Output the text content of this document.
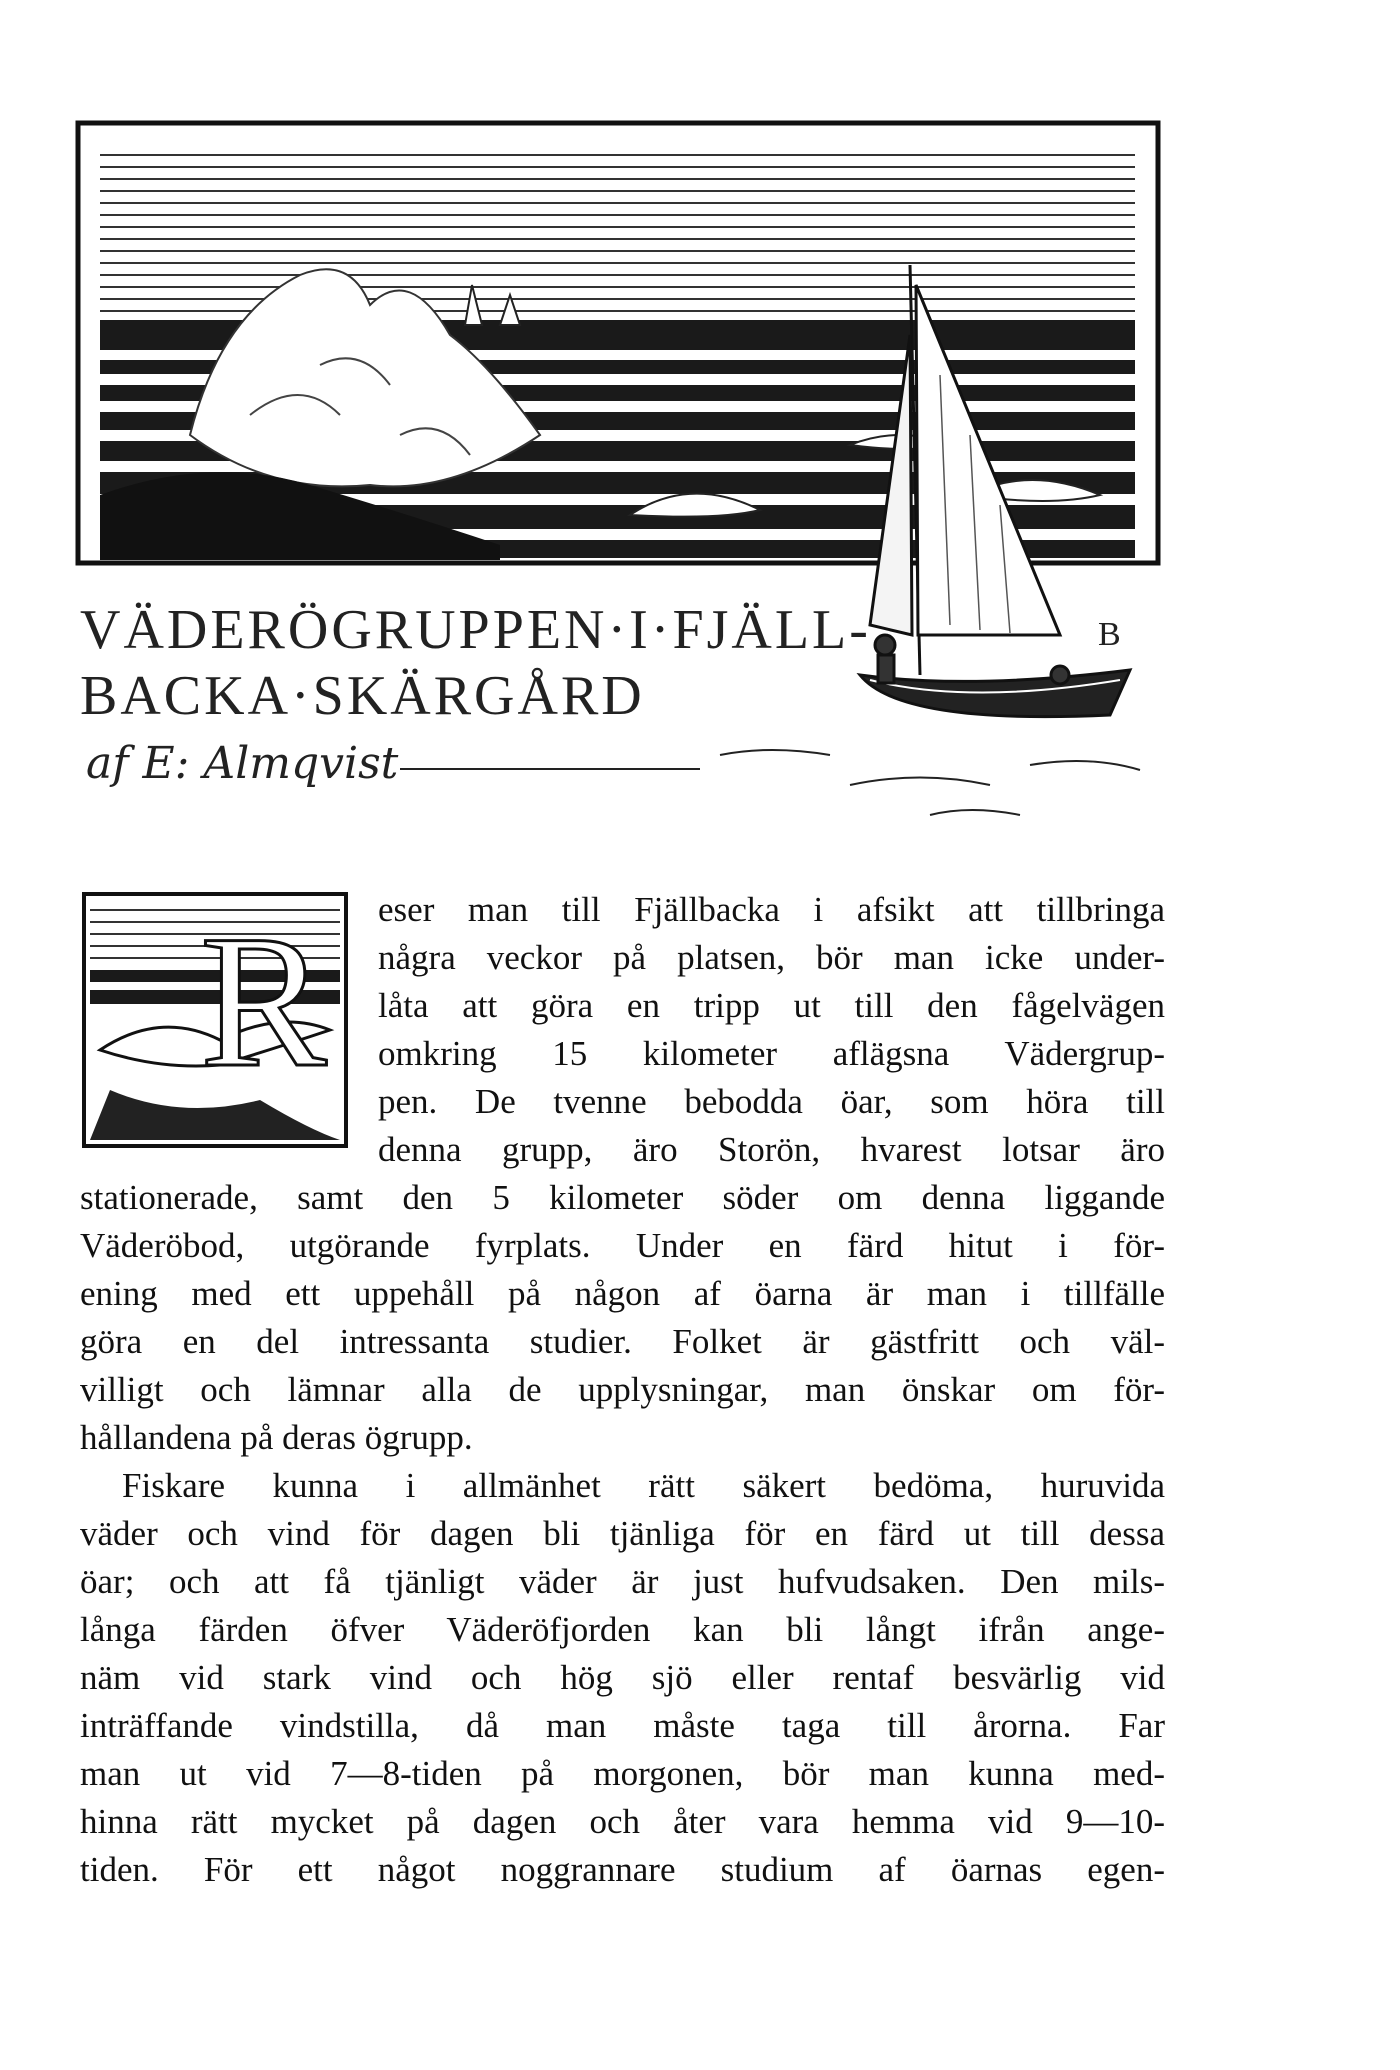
B
VÄDERÖGRUPPEN·I·FJÄLL-
BACKA·SKÄRGÅRD
af E: Almqvist
R eser man till Fjällbacka i afsikt att tillbringa
några veckor på platsen, bör man icke under-
låta att göra en tripp ut till den fågelvägen
omkring 15 kilometer aflägsna Vädergrup-
pen. De tvenne bebodda öar, som höra till
denna grupp, äro Storön, hvarest lotsar äro
stationerade, samt den 5 kilometer söder om denna liggande
Väderöbod, utgörande fyrplats. Under en färd hitut i för-
ening med ett uppehåll på någon af öarna är man i tillfälle
göra en del intressanta studier. Folket är gästfritt och väl-
villigt och lämnar alla de upplysningar, man önskar om för-
hållandena på deras ögrupp.
Fiskare kunna i allmänhet rätt säkert bedöma, huruvida
väder och vind för dagen bli tjänliga för en färd ut till dessa
öar; och att få tjänligt väder är just hufvudsaken. Den mils-
långa färden öfver Väderöfjorden kan bli långt ifrån ange-
näm vid stark vind och hög sjö eller rentaf besvärlig vid
inträffande vindstilla, då man måste taga till årorna. Far
man ut vid 7—8-tiden på morgonen, bör man kunna med-
hinna rätt mycket på dagen och åter vara hemma vid 9—10-
tiden. För ett något noggrannare studium af öarnas egen-
